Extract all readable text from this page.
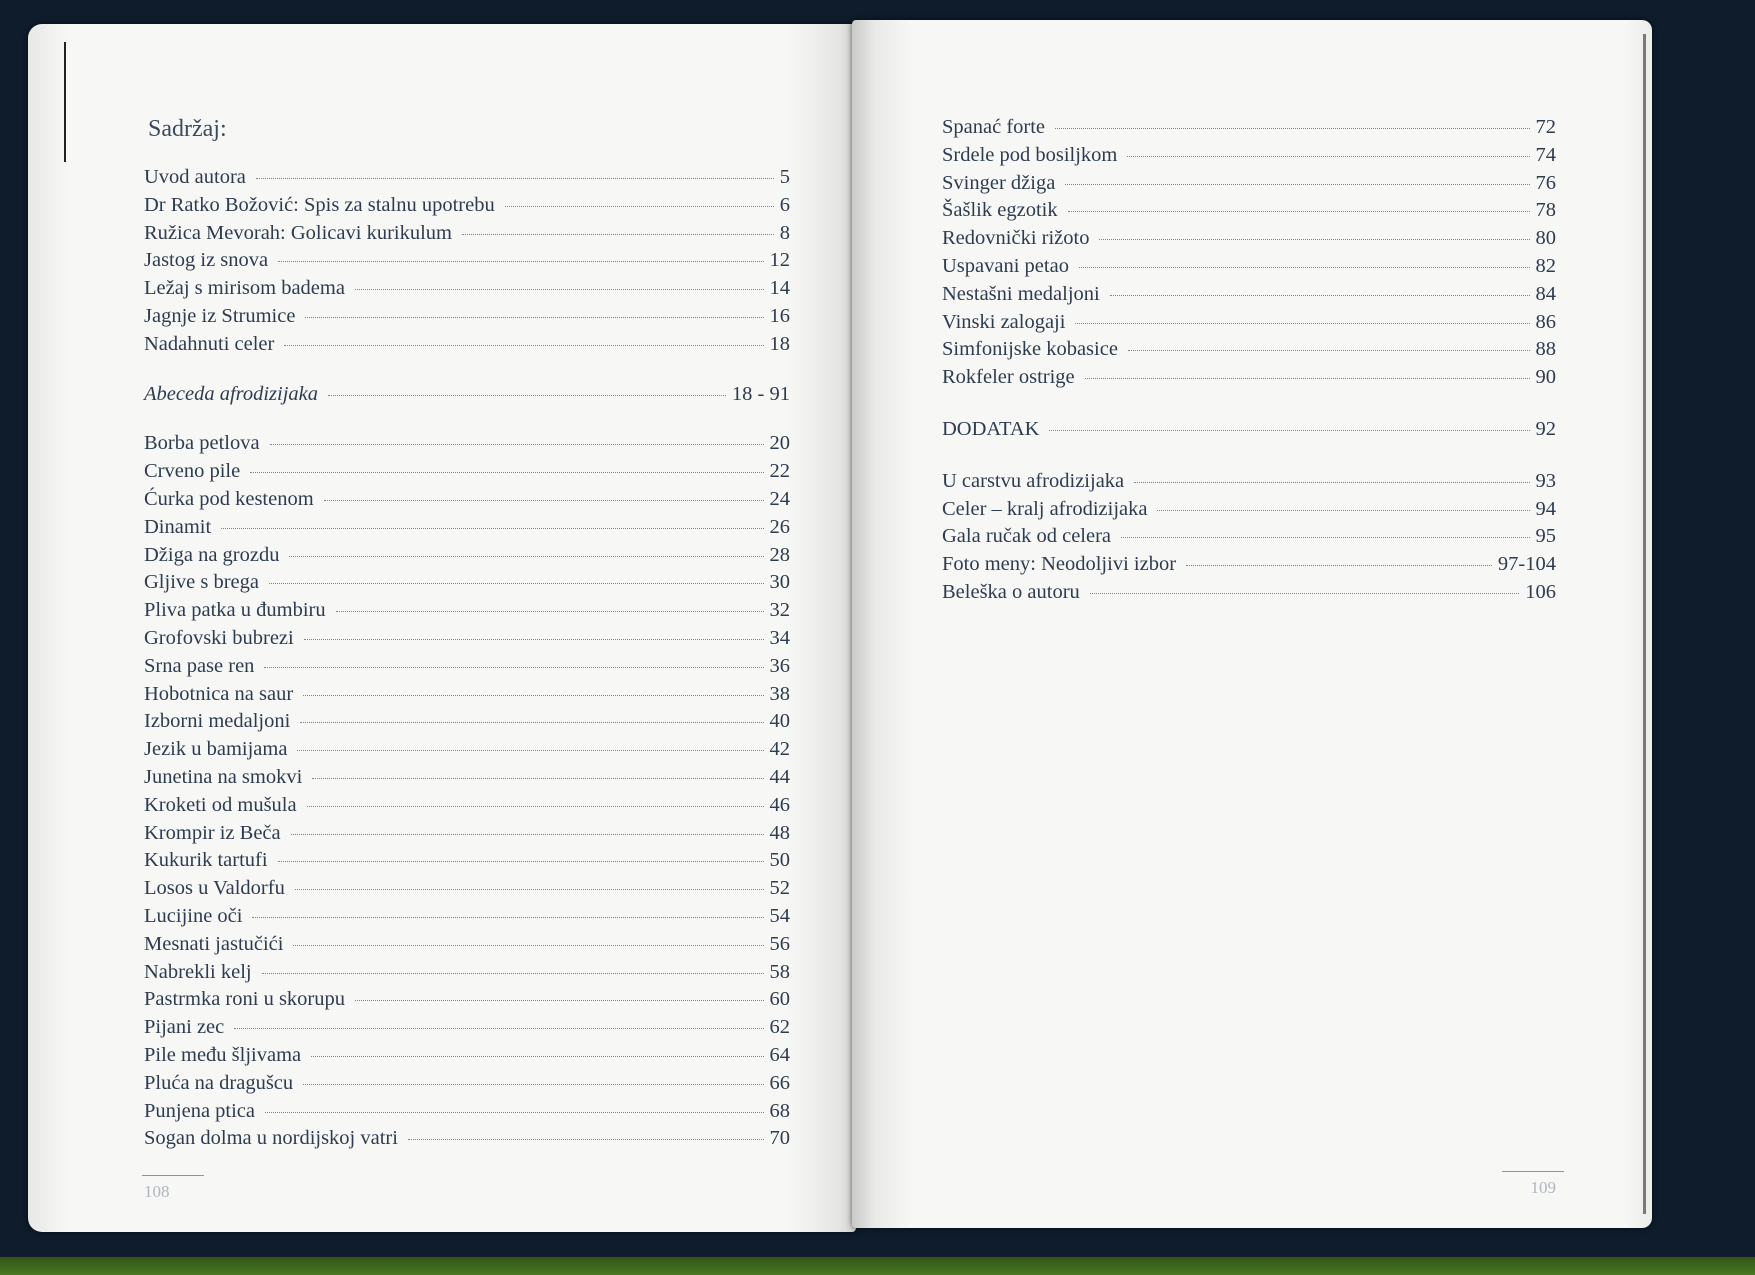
Sadržaj:
Uvod autora	5
Dr Ratko Božović: Spis za stalnu upotrebu	6
Ružica Mevorah: Golicavi kurikulum	8
Jastog iz snova	12
Ležaj s mirisom badema	14
Jagnje iz Strumice	16
Nadahnuti celer	18
Abeceda afrodizijaka	18 - 91
Borba petlova	20
Crveno pile	22
Ćurka pod kestenom	24
Dinamit	26
Džiga na grozdu	28
Gljive s brega	30
Pliva patka u đumbiru	32
Grofovski bubrezi	34
Srna pase ren	36
Hobotnica na saur	38
Izborni medaljoni	40
Jezik u bamijama	42
Junetina na smokvi	44
Kroketi od mušula	46
Krompir iz Beča	48
Kukurik tartufi	50
Losos u Valdorfu	52
Lucijine oči	54
Mesnati jastučići	56
Nabrekli kelj	58
Pastrmka roni u skorupu	60
Pijani zec	62
Pile među šljivama	64
Pluća na dragušcu	66
Punjena ptica	68
Sogan dolma u nordijskoj vatri	70
108
Spanać forte	72
Srdele pod bosiljkom	74
Svinger džiga	76
Šašlik egzotik	78
Redovnički rižoto	80
Uspavani petao	82
Nestašni medaljoni	84
Vinski zalogaji	86
Simfonijske kobasice	88
Rokfeler ostrige	90
DODATAK	92
U carstvu afrodizijaka	93
Celer – kralj afrodizijaka	94
Gala ručak od celera	95
Foto meny: Neodoljivi izbor	97-104
Beleška o autoru	106
109
